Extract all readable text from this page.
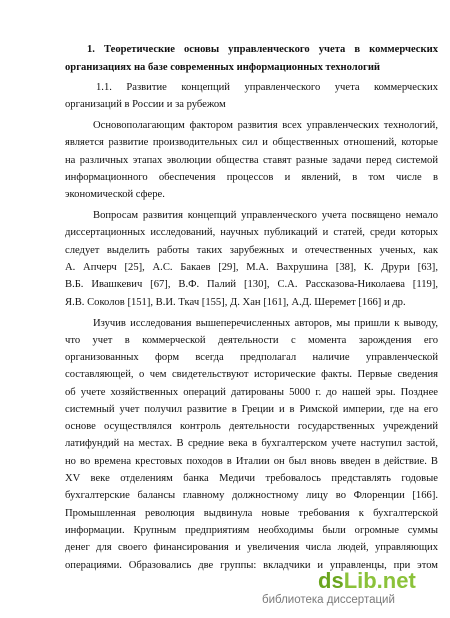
1. Теоретические основы управленческого учета в коммерческих
организациях на базе современных информационных технологий
1.1. Развитие концепций управленческого учета коммерческих
организаций в России и за рубежом
Основополагающим фактором развития всех управленческих технологий,
является развитие производительных сил и общественных отношений, которые
на различных этапах эволюции общества ставят разные задачи перед системой
информационного обеспечения процессов и явлений, в том числе в
экономической сфере.
Вопросам развития концепций управленческого учета посвящено немало
диссертационных исследований, научных публикаций и статей, среди которых
следует выделить работы таких зарубежных и отечественных ученых, как
А. Апчерч [25], А.С. Бакаев [29], М.А. Вахрушина [38], К. Друри [63],
В.Б. Ивашкевич [67], В.Ф. Палий [130], С.А. Рассказова-Николаева [119],
Я.В. Соколов [151], В.И. Ткач [155], Д. Хан [161], А.Д. Шеремет [166] и др.
Изучив исследования вышеперечисленных авторов, мы пришли к выводу,
что учет в коммерческой деятельности с момента зарождения его
организованных форм всегда предполагал наличие управленческой
составляющей, о чем свидетельствуют исторические факты. Первые сведения
об учете хозяйственных операций датированы 5000 г. до нашей эры. Позднее
системный учет получил развитие в Греции и в Римской империи, где на его
основе осуществлялся контроль деятельности государственных учреждений
латифундий на местах. В средние века в бухгалтерском учете наступил застой,
но во времена крестовых походов в Италии он был вновь введен в действие. В
XV веке отделениям банка Медичи требовалось представлять годовые
бухгалтерские балансы главному должностному лицу во Флоренции [166].
Промышленная революция выдвинула новые требования к бухгалтерской
информации. Крупным предприятиям необходимы были огромные суммы
денег для своего финансирования и увеличения числа людей, управляющих
операциями. Образовались две группы: вкладчики и управленцы, при этом
dsLib.net
библиотека диссертаций
